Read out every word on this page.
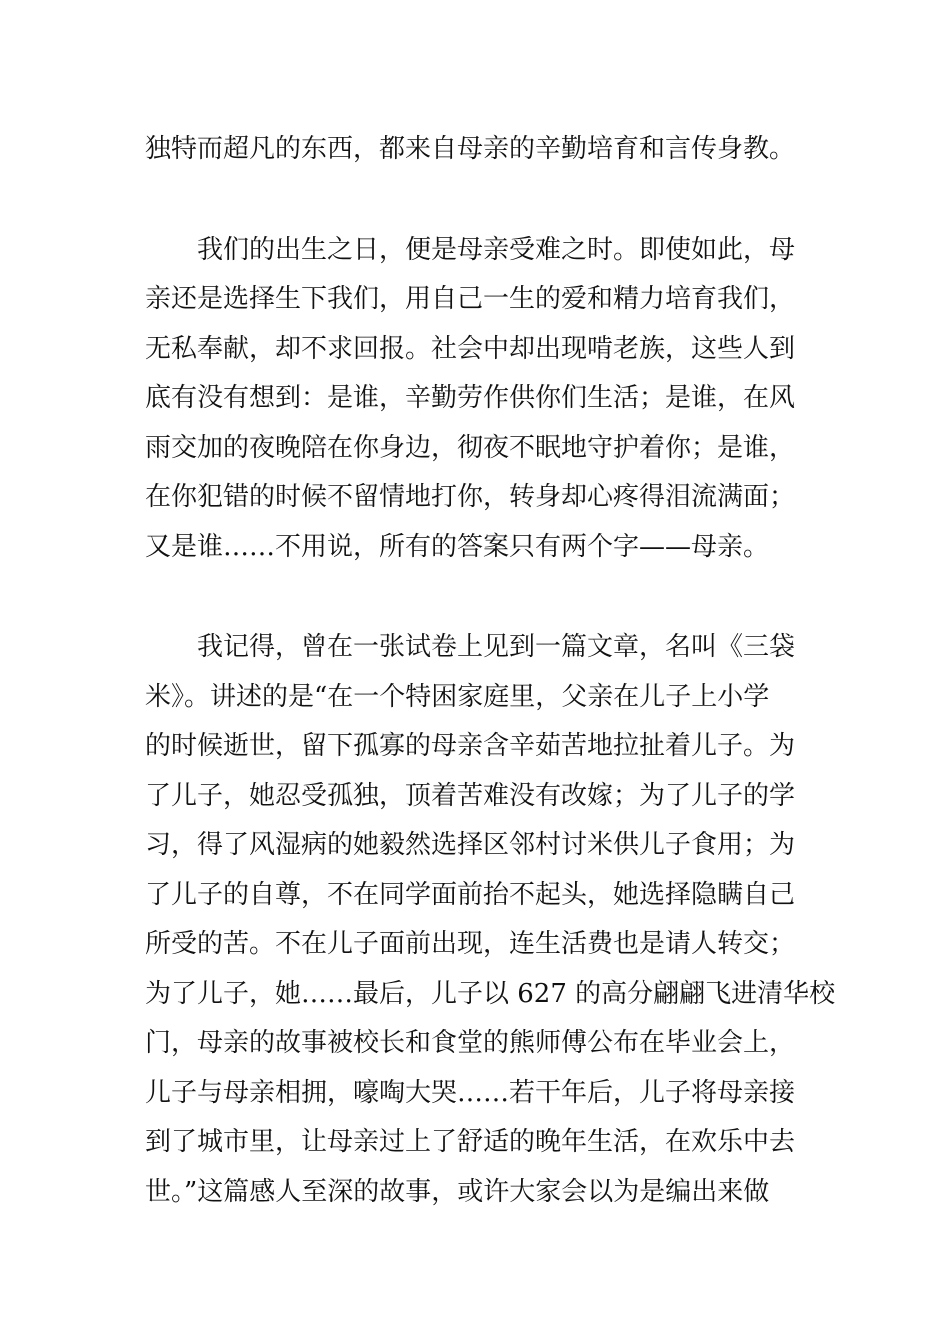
独特而超凡的东西，都来自母亲的辛勤培育和言传身教。
我们的出生之日，便是母亲受难之时。即使如此，母
亲还是选择生下我们，用自己一生的爱和精力培育我们，
无私奉献，却不求回报。社会中却出现啃老族，这些人到
底有没有想到：是谁，辛勤劳作供你们生活；是谁，在风
雨交加的夜晚陪在你身边，彻夜不眠地守护着你；是谁，
在你犯错的时候不留情地打你，转身却心疼得泪流满面；
又是谁……不用说，所有的答案只有两个字——母亲。
我记得，曾在一张试卷上见到一篇文章，名叫《三袋
米》。讲述的是“在一个特困家庭里，父亲在儿子上小学
的时候逝世，留下孤寡的母亲含辛茹苦地拉扯着儿子。为
了儿子，她忍受孤独，顶着苦难没有改嫁；为了儿子的学
习，得了风湿病的她毅然选择区邻村讨米供儿子食用；为
了儿子的自尊，不在同学面前抬不起头，她选择隐瞒自己
所受的苦。不在儿子面前出现，连生活费也是请人转交；
为了儿子，她……最后，儿子以 627 的高分翩翩飞进清华校
门，母亲的故事被校长和食堂的熊师傅公布在毕业会上，
儿子与母亲相拥，嚎啕大哭……若干年后，儿子将母亲接
到了城市里，让母亲过上了舒适的晚年生活，在欢乐中去
世。”这篇感人至深的故事，或许大家会以为是编出来做
